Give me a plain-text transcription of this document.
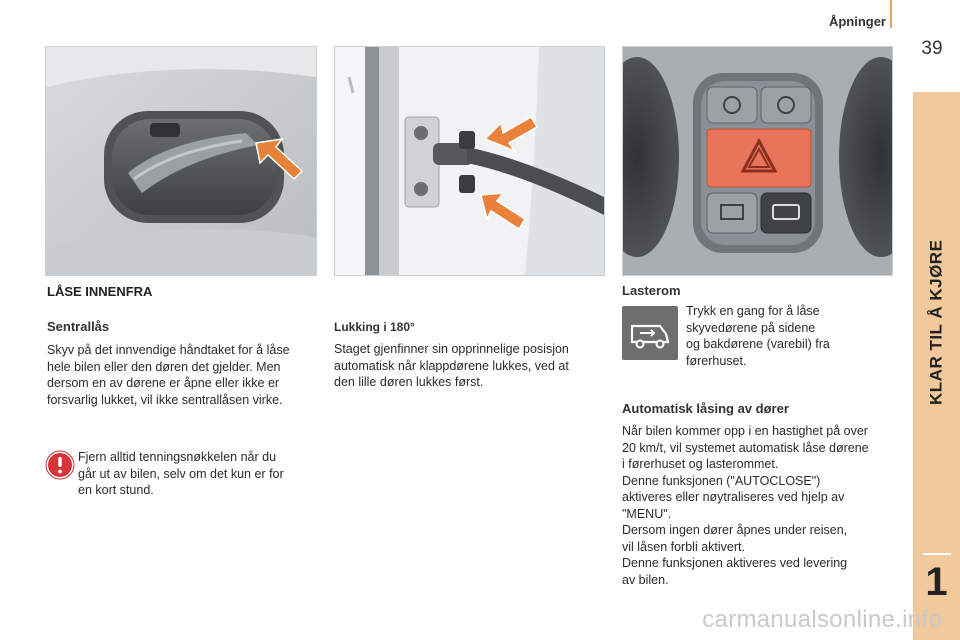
Åpninger
39
KLAR TIL Å KJØRE
1
LÅSE INNENFRA
Sentrallås
Skyv på det innvendige håndtaket for å låse
hele bilen eller den døren det gjelder. Men
dersom en av dørene er åpne eller ikke er
forsvarlig lukket, vil ikke sentrallåsen virke.
Fjern alltid tenningsnøkkelen når du
går ut av bilen, selv om det kun er for
en kort stund.
Lukking i 180°
Staget gjenfinner sin opprinnelige posisjon
automatisk når klappdørene lukkes, ved at
den lille døren lukkes først.
Lasterom
Trykk en gang for å låse
skyvedørene på sidene
og bakdørene (varebil) fra
førerhuset.
Automatisk låsing av dører
Når bilen kommer opp i en hastighet på over
20 km/t, vil systemet automatisk låse dørene
i førerhuset og lasterommet.
Denne funksjonen ("AUTOCLOSE")
aktiveres eller nøytraliseres ved hjelp av
"MENU".
Dersom ingen dører åpnes under reisen,
vil låsen forbli aktivert.
Denne funksjonen aktiveres ved levering
av bilen.
carmanualsonline.info
